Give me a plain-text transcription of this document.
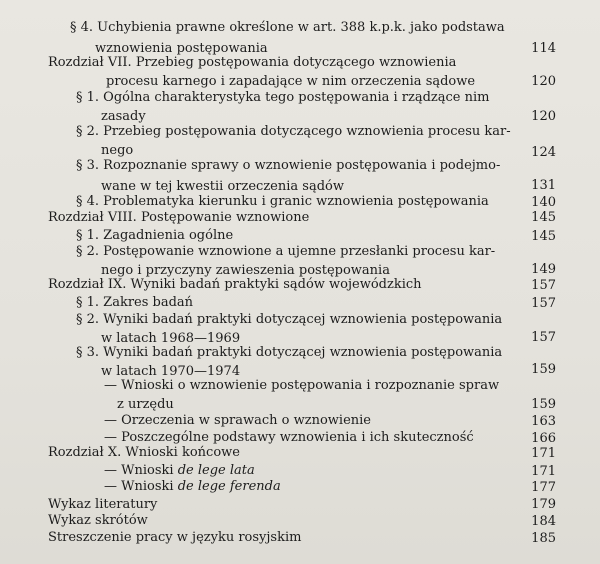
§ 4. Uchybienia prawne określone w art. 388 k.p.k. jako podstawa
wznowienia postępowania	114
Rozdział VII. Przebieg postępowania dotyczącego wznowienia
procesu karnego i zapadające w nim orzeczenia sądowe	120
§ 1. Ogólna charakterystyka tego postępowania i rządzące nim
zasady	120
§ 2. Przebieg postępowania dotyczącego wznowienia procesu kar-
nego	124
§ 3. Rozpoznanie sprawy o wznowienie postępowania i podejmo-
wane w tej kwestii orzeczenia sądów	131
§ 4. Problematyka kierunku i granic wznowienia postępowania	140
Rozdział VIII. Postępowanie wznowione	145
§ 1. Zagadnienia ogólne	145
§ 2. Postępowanie wznowione a ujemne przesłanki procesu kar-
nego i przyczyny zawieszenia postępowania	149
Rozdział IX. Wyniki badań praktyki sądów wojewódzkich	157
§ 1. Zakres badań	157
§ 2. Wyniki badań praktyki dotyczącej wznowienia postępowania
w latach 1968—1969	157
§ 3. Wyniki badań praktyki dotyczącej wznowienia postępowania
w latach 1970—1974	159
— Wnioski o wznowienie postępowania i rozpoznanie spraw
z urzędu	159
— Orzeczenia w sprawach o wznowienie	163
— Poszczególne podstawy wznowienia i ich skuteczność	166
Rozdział X. Wnioski końcowe	171
— Wnioski de lege lata	171
— Wnioski de lege ferenda	177
Wykaz literatury	179
Wykaz skrótów	184
Streszczenie pracy w języku rosyjskim	185
